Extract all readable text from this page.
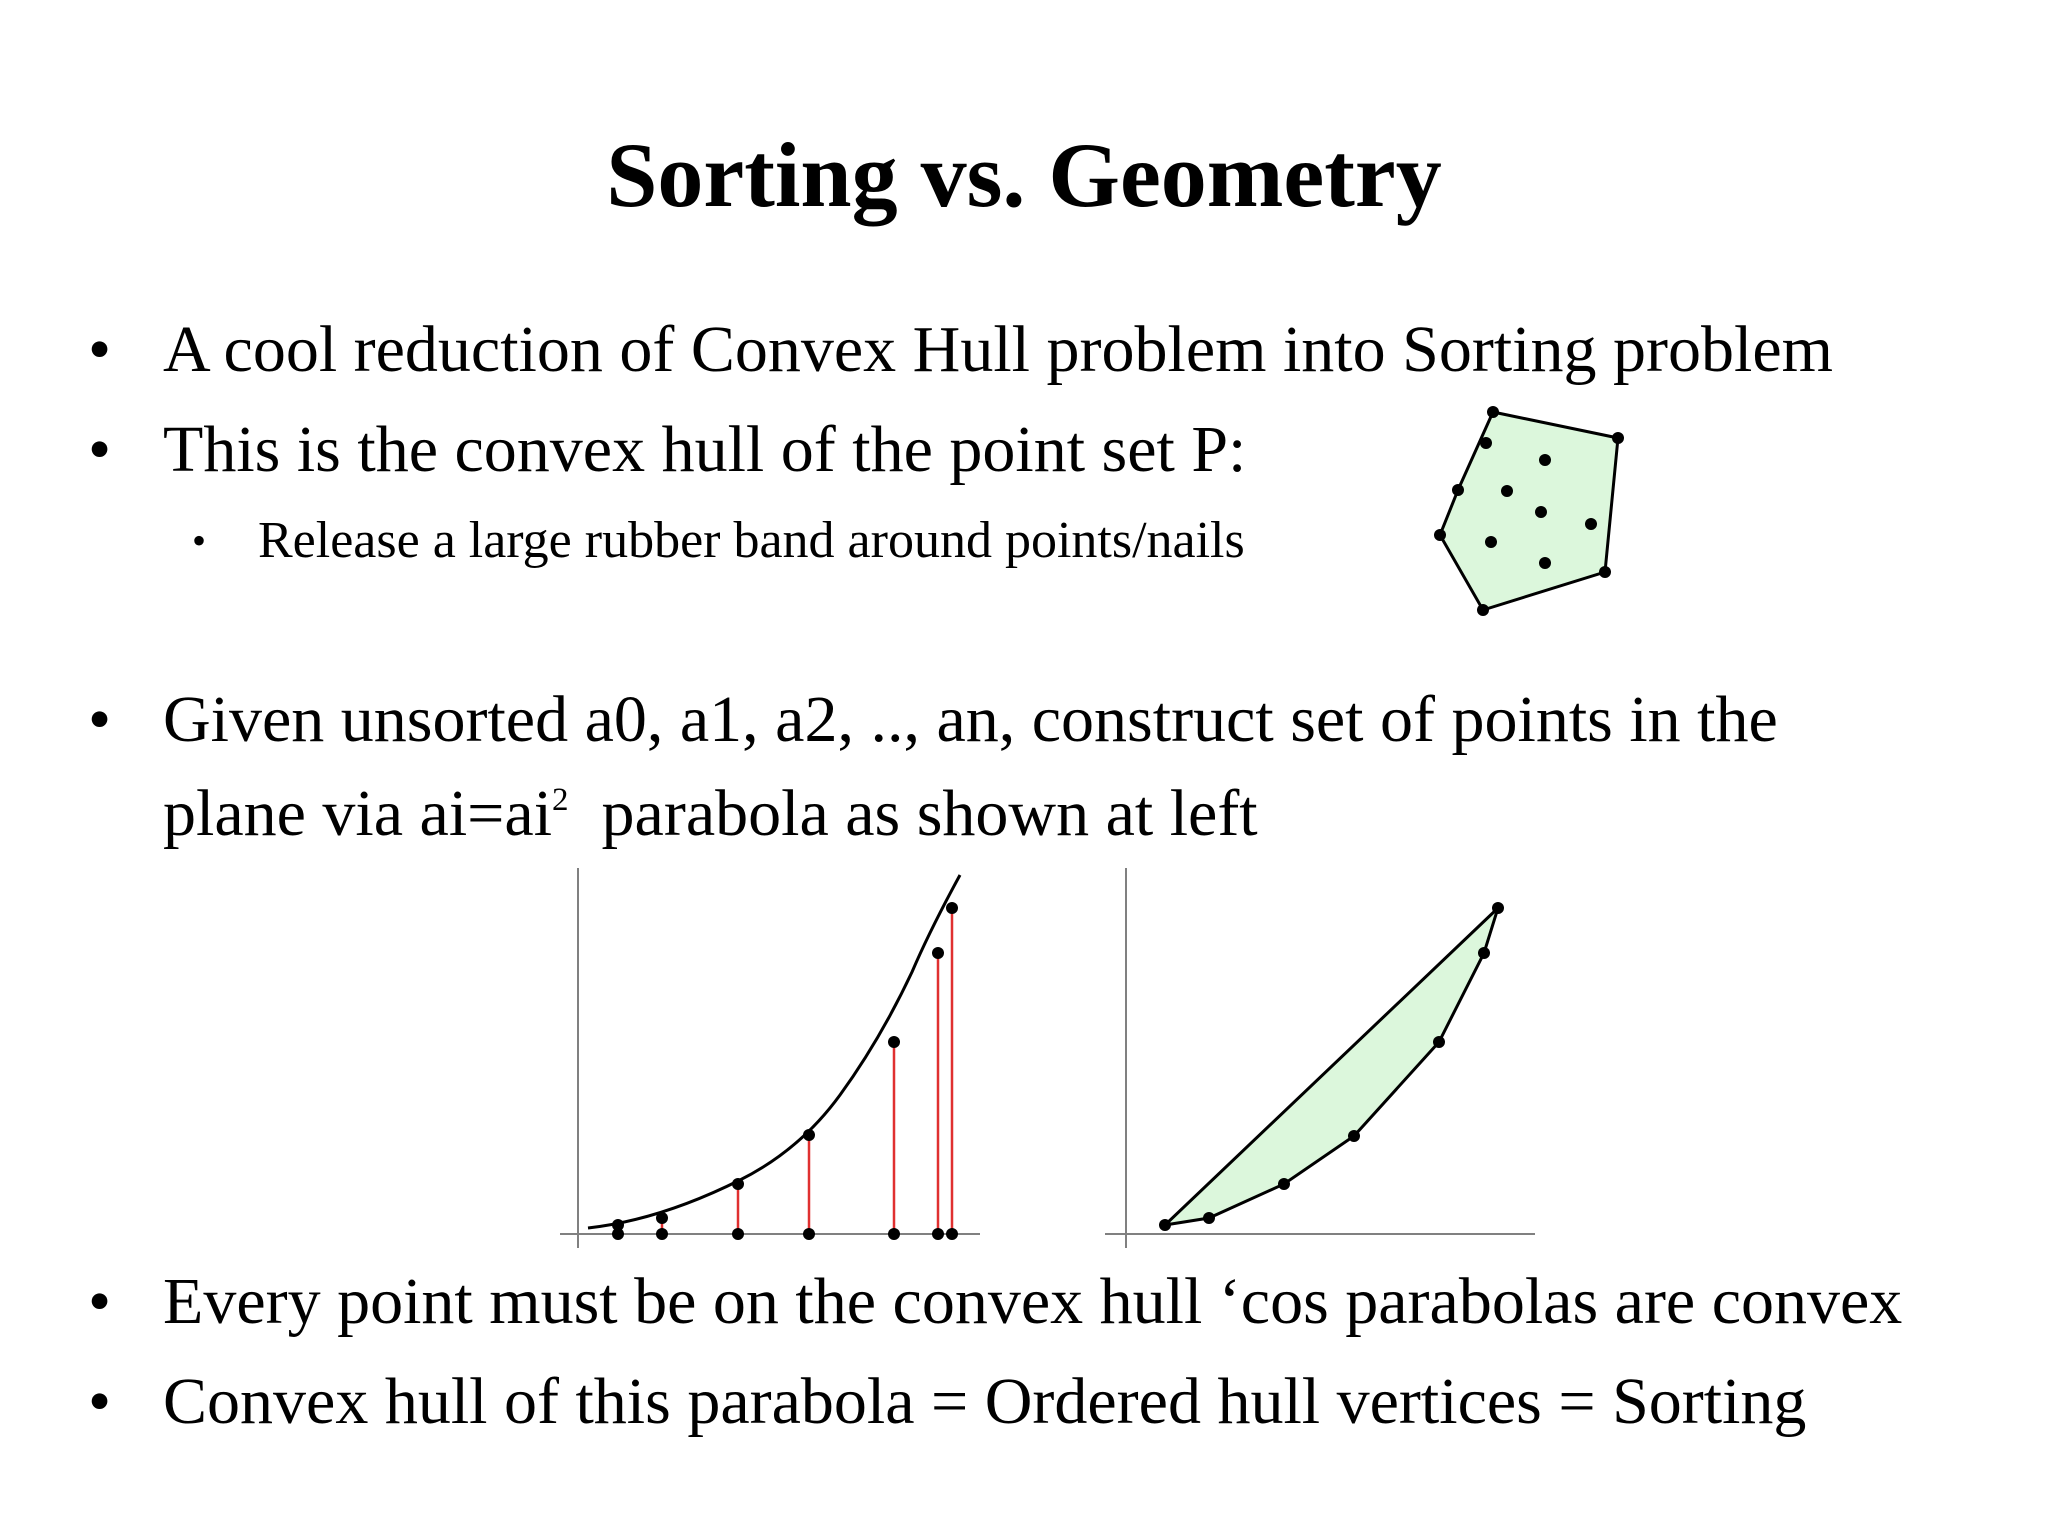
Sorting vs. Geometry
• A cool reduction of Convex Hull problem into Sorting problem
• This is the convex hull of the point set P:
• Release a large rubber band around points/nails
• Given unsorted a0, a1, a2, .., an, construct set of points in the
plane via $ai=ai^2$  parabola as shown at left
• Every point must be on the convex hull ‘cos parabolas are convex
• Convex hull of this parabola = Ordered hull vertices = Sorting
